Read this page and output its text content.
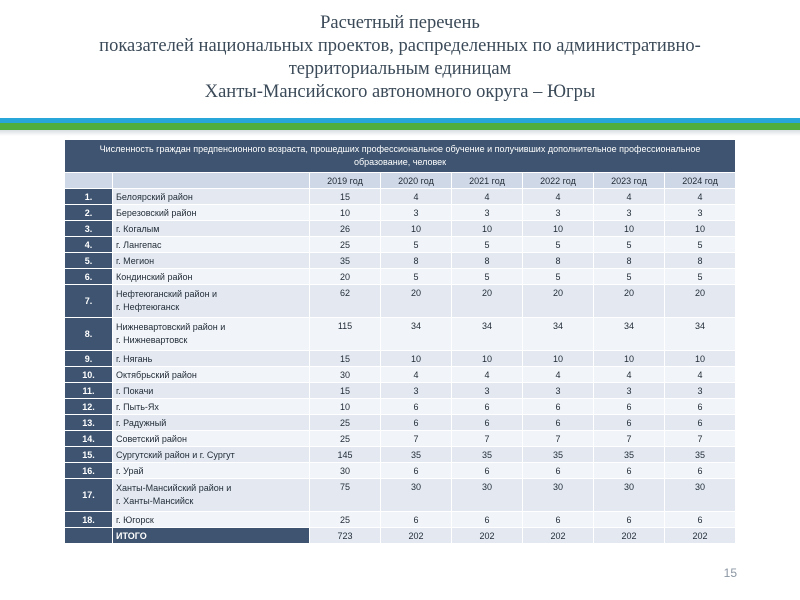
Расчетный перечень
показателей национальных проектов, распределенных по административно-
территориальным единицам
Ханты-Мансийского автономного округа – Югры
Численность граждан предпенсионного возраста, прошедших профессиональное обучение и получивших дополнительное профессиональное образование, человек							
		2019 год	2020 год	2021 год	2022 год	2023 год	2024 год
1.	Белоярский район	15	4	4	4	4	4
2.	Березовский район	10	3	3	3	3	3
3.	г. Когалым	26	10	10	10	10	10
4.	г. Лангепас	25	5	5	5	5	5
5.	г. Мегион	35	8	8	8	8	8
6.	Кондинский район	20	5	5	5	5	5
7.	Нефтеюганский район и
г. Нефтеюганск	62	20	20	20	20	20
8.	Нижневартовский район и
г. Нижневартовск	115	34	34	34	34	34
9.	г. Нягань	15	10	10	10	10	10
10.	Октябрьский район	30	4	4	4	4	4
11.	г. Покачи	15	3	3	3	3	3
12.	г. Пыть-Ях	10	6	6	6	6	6
13.	г. Радужный	25	6	6	6	6	6
14.	Советский район	25	7	7	7	7	7
15.	Сургутский район и г. Сургут	145	35	35	35	35	35
16.	г. Урай	30	6	6	6	6	6
17.	Ханты-Мансийский район и
г. Ханты-Мансийск	75	30	30	30	30	30
18.	г. Югорск	25	6	6	6	6	6
	ИТОГО	723	202	202	202	202	202
15
